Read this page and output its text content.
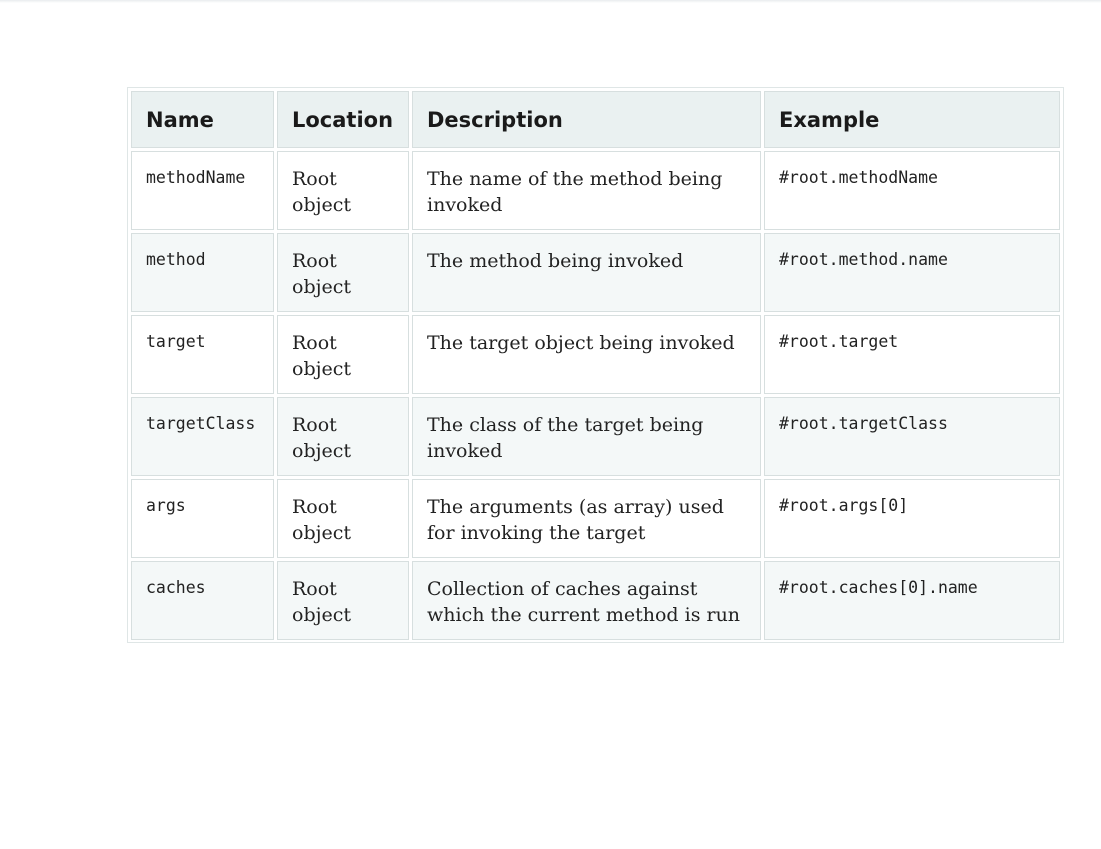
Name	Location	Description	Example
methodName	Root object	The name of the method being invoked	#root.methodName
method	Root object	The method being invoked	#root.method.name
target	Root object	The target object being invoked	#root.target
targetClass	Root object	The class of the target being invoked	#root.targetClass
args	Root object	The arguments (as array) used for invoking the target	#root.args[0]
caches	Root object	Collection of caches against which the current method is run	#root.caches[0].name
